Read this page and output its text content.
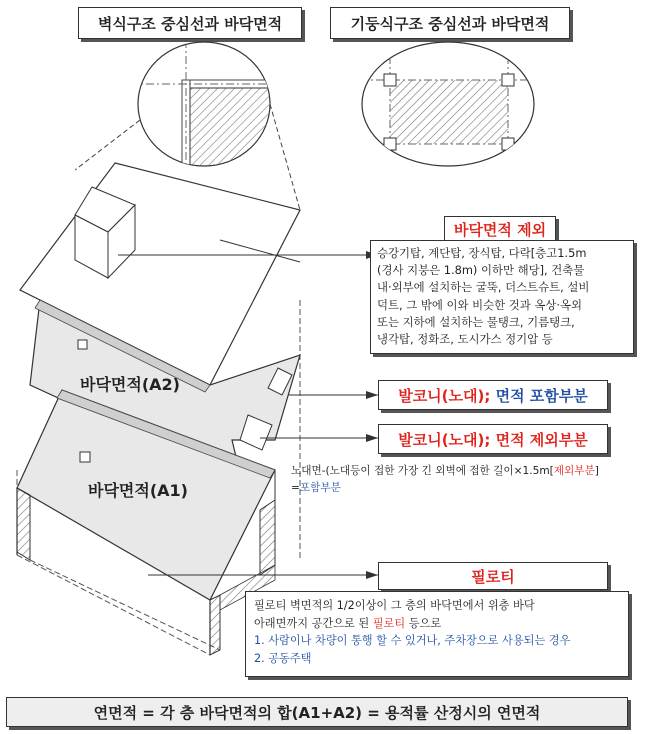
벽식구조 중심선과 바닥면적	기둥식구조 중심선과 바닥면적
바닥면적(A2)
바닥면적(A1)
바닥면적 제외
승강기탑, 계단탑, 장식탑, 다락[층고1.5m
(경사 지붕은 1.8m) 이하만 해당], 건축물
내·외부에 설치하는 굴뚝, 더스트슈트, 설비
덕트, 그 밖에 이와 비슷한 것과 옥상·옥외
또는 지하에 설치하는 물탱크, 기름탱크,
냉각탑, 정화조, 도시가스 정기압 등
발코니(노대);
면적 포함부분
발코니(노대); 면적 제외부분
노대면-(노대등이 접한 가장 긴 외벽에 접한 길이×1.5m[제외부분]
=포함부분
필로티
필로티 벽면적의 1/2이상이 그 층의 바닥면에서 위층 바닥
아래면까지 공간으로 된 필로티 등으로
1. 사람이나 차량이 통행 할 수 있거나, 주차장으로 사용되는 경우
2. 공동주택
연면적 = 각 층 바닥면적의 합(A1+A2) = 용적률 산정시의 연면적
